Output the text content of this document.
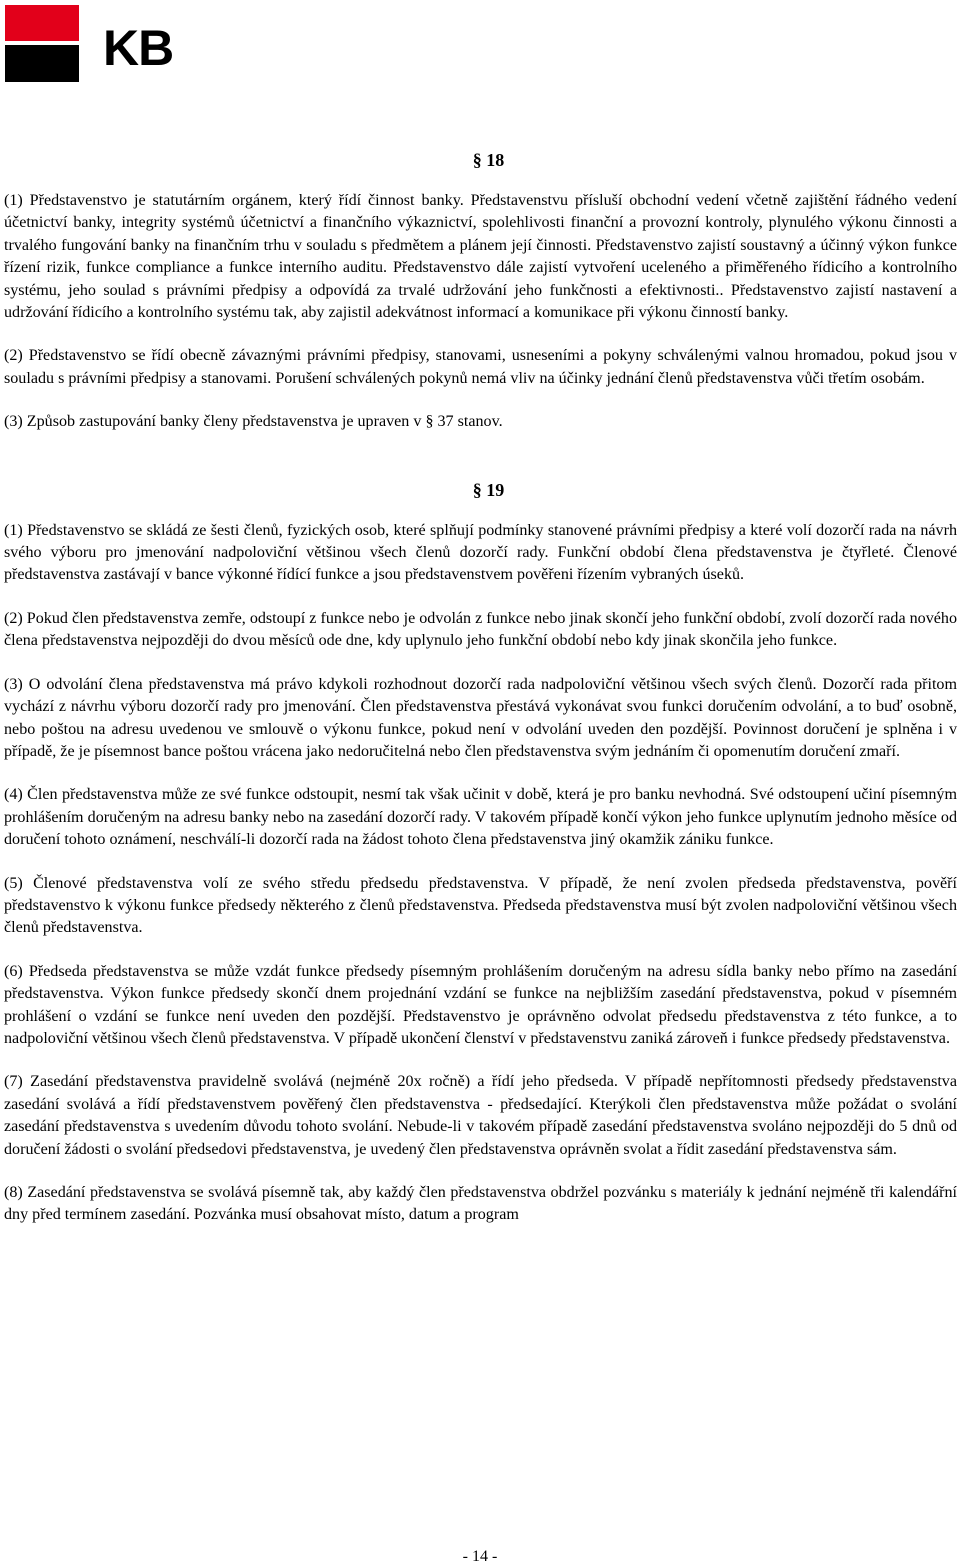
KB
§ 18

(1) Představenstvo je statutárním orgánem, který řídí činnost banky. Představenstvu přísluší obchodní vedení včetně zajištění řádného vedení účetnictví banky, integrity systémů účetnictví a finančního výkaznictví, spolehlivosti finanční a provozní kontroly, plynulého výkonu činnosti a trvalého fungování banky na finančním trhu v souladu s předmětem a plánem její činnosti. Představenstvo zajistí soustavný a účinný výkon funkce řízení rizik, funkce compliance a funkce interního auditu. Představenstvo dále zajistí vytvoření uceleného a přiměřeného řídicího a kontrolního systému, jeho soulad s právními předpisy a odpovídá za trvalé udržování jeho funkčnosti a efektivnosti.. Představenstvo zajistí nastavení a udržování řídicího a kontrolního systému tak, aby zajistil adekvátnost informací a komunikace při výkonu činností banky.

(2) Představenstvo se řídí obecně závaznými právními předpisy, stanovami, usneseními a pokyny schválenými valnou hromadou, pokud jsou v souladu s právními předpisy a stanovami. Porušení schválených pokynů nemá vliv na účinky jednání členů představenstva vůči třetím osobám.

(3) Způsob zastupování banky členy představenstva je upraven v § 37 stanov.

§ 19

(1) Představenstvo se skládá ze šesti členů, fyzických osob, které splňují podmínky stanovené právními předpisy a které volí dozorčí rada na návrh svého výboru pro jmenování nadpoloviční většinou všech členů dozorčí rady. Funkční období člena představenstva je čtyřleté. Členové představenstva zastávají v bance výkonné řídící funkce a jsou představenstvem pověřeni řízením vybraných úseků.

(2) Pokud člen představenstva zemře, odstoupí z funkce nebo je odvolán z funkce nebo jinak skončí jeho funkční období, zvolí dozorčí rada nového člena představenstva nejpozději do dvou měsíců ode dne, kdy uplynulo jeho funkční období nebo kdy jinak skončila jeho funkce.

(3) O odvolání člena představenstva má právo kdykoli rozhodnout dozorčí rada nadpoloviční většinou všech svých členů. Dozorčí rada přitom vychází z návrhu výboru dozorčí rady pro jmenování. Člen představenstva přestává vykonávat svou funkci doručením odvolání, a to buď osobně, nebo poštou na adresu uvedenou ve smlouvě o výkonu funkce, pokud není v odvolání uveden den pozdější. Povinnost doručení je splněna i v případě, že je písemnost bance poštou vrácena jako nedoručitelná nebo člen představenstva svým jednáním či opomenutím doručení zmaří.

(4) Člen představenstva může ze své funkce odstoupit, nesmí tak však učinit v době, která je pro banku nevhodná. Své odstoupení učiní písemným prohlášením doručeným na adresu banky nebo na zasedání dozorčí rady. V takovém případě končí výkon jeho funkce uplynutím jednoho měsíce od doručení tohoto oznámení, neschválí-li dozorčí rada na žádost tohoto člena představenstva jiný okamžik zániku funkce.

(5) Členové představenstva volí ze svého středu předsedu představenstva. V případě, že není zvolen předseda představenstva, pověří představenstvo k výkonu funkce předsedy některého z členů představenstva. Předseda představenstva musí být zvolen nadpoloviční většinou všech členů představenstva.

(6) Předseda představenstva se může vzdát funkce předsedy písemným prohlášením doručeným na adresu sídla banky nebo přímo na zasedání představenstva. Výkon funkce předsedy skončí dnem projednání vzdání se funkce na nejbližším zasedání představenstva, pokud v písemném prohlášení o vzdání se funkce není uveden den pozdější. Představenstvo je oprávněno odvolat předsedu představenstva z této funkce, a to nadpoloviční většinou všech členů představenstva. V případě ukončení členství v představenstvu zaniká zároveň i funkce předsedy představenstva.

(7) Zasedání představenstva pravidelně svolává (nejméně 20x ročně) a řídí jeho předseda. V případě nepřítomnosti předsedy představenstva zasedání svolává a řídí představenstvem pověřený člen představenstva - předsedající. Kterýkoli člen představenstva může požádat o svolání zasedání představenstva s uvedením důvodu tohoto svolání. Nebude-li v takovém případě zasedání představenstva svoláno nejpozději do 5 dnů od doručení žádosti o svolání předsedovi představenstva, je uvedený člen představenstva oprávněn svolat a řídit zasedání představenstva sám.

(8) Zasedání představenstva se svolává písemně tak, aby každý člen představenstva obdržel pozvánku s materiály k jednání nejméně tři kalendářní dny před termínem zasedání. Pozvánka musí obsahovat místo, datum a program

- 14 -
